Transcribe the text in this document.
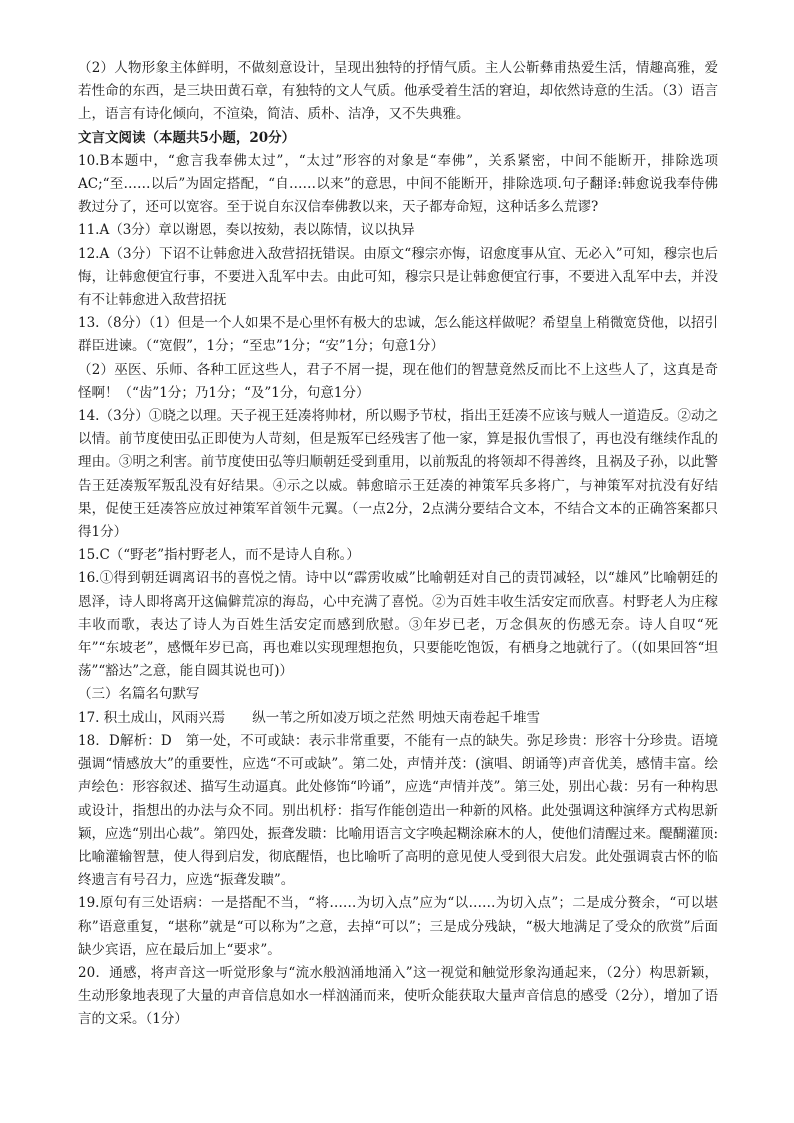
（2）人物形象主体鲜明，不做刻意设计，呈现出独特的抒情气质。主人公靳彝甫热爱生活，情趣高雅，爱若性命的东西，是三块田黄石章，有独特的文人气质。他承受着生活的窘迫，却依然诗意的生活。（3）语言上，语言有诗化倾向，不渲染，简洁、质朴、洁净，又不失典雅。

文言文阅读（本题共5小题，20分）

10.B本题中，“愈言我奉佛太过”，“太过”形容的对象是“奉佛”，关系紧密，中间不能断开，排除选项AC;“至……以后”为固定搭配，“自……以来”的意思，中间不能断开，排除选项.句子翻译:韩愈说我奉侍佛教过分了，还可以宽容。至于说自东汉信奉佛教以来，天子都寿命短，这种话多么荒谬?

11.A（3分）章以谢恩，奏以按劾，表以陈情，议以执异

12.A（3分）下诏不让韩愈进入敌营招抚错误。由原文“穆宗亦悔，诏愈度事从宜、无必入”可知，穆宗也后悔，让韩愈便宜行事，不要进入乱军中去。由此可知，穆宗只是让韩愈便宜行事，不要进入乱军中去，并没有不让韩愈进入敌营招抚

13.（8分）（1）但是一个人如果不是心里怀有极大的忠诚，怎么能这样做呢？希望皇上稍微宽贷他，以招引群臣进谏。（“宽假”，1分；“至忠”1分；“安”1分；句意1分）

（2）巫医、乐师、各种工匠这些人，君子不屑一提，现在他们的智慧竟然反而比不上这些人了，这真是奇怪啊！（“齿”1分；乃1分；“及”1分，句意1分）

14.（3分）①晓之以理。天子视王廷凑将帅材，所以赐予节杖，指出王廷凑不应该与贼人一道造反。②动之以情。前节度使田弘正即使为人苛刻，但是叛军已经残害了他一家，算是报仇雪恨了，再也没有继续作乱的理由。③明之利害。前节度使田弘等归顺朝廷受到重用，以前叛乱的将领却不得善终，且祸及子孙，以此警告王廷凑叛军叛乱没有好结果。④示之以威。韩愈暗示王廷凑的神策军兵多将广，与神策军对抗没有好结果，促使王廷凑答应放过神策军首领牛元翼。（一点2分，2点满分要结合文本，不结合文本的正确答案都只得1分）

15.C（“野老”指村野老人，而不是诗人自称。）

16.①得到朝廷调离诏书的喜悦之情。诗中以“霹雳收威”比喻朝廷对自己的责罚减轻，以“雄风”比喻朝廷的恩泽，诗人即将离开这偏僻荒凉的海岛，心中充满了喜悦。②为百姓丰收生活安定而欣喜。村野老人为庄稼丰收而歌，表达了诗人为百姓生活安定而感到欣慰。③年岁已老，万念俱灰的伤感无奈。诗人自叹“死年”“东坡老”，感慨年岁已高，再也难以实现理想抱负，只要能吃饱饭，有栖身之地就行了。（(如果回答“坦荡”“豁达”之意，能自圆其说也可)）

（三）名篇名句默写

17. 积土成山，风雨兴焉　　纵一苇之所如凌万顷之茫然 明烛天南卷起千堆雪

18．D解析：D　第一处，不可或缺：表示非常重要，不能有一点的缺失。弥足珍贵：形容十分珍贵。语境强调“情感放大”的重要性，应选“不可或缺”。第二处，声情并茂：(演唱、朗诵等)声音优美，感情丰富。绘声绘色：形容叙述、描写生动逼真。此处修饰“吟诵”，应选“声情并茂”。第三处，别出心裁：另有一种构思或设计，指想出的办法与众不同。别出机杼：指写作能创造出一种新的风格。此处强调这种演绎方式构思新颖，应选“别出心裁”。第四处，振聋发聩：比喻用语言文字唤起糊涂麻木的人，使他们清醒过来。醍醐灌顶:比喻灌输智慧，使人得到启发，彻底醒悟，也比喻听了高明的意见使人受到很大启发。此处强调袁古怀的临终遗言有号召力，应选“振聋发聩”。

19.原句有三处语病：一是搭配不当，“将……为切入点”应为“以……为切入点”；二是成分赘余，“可以堪称”语意重复，“堪称”就是“可以称为”之意，去掉“可以”；三是成分残缺，“极大地满足了受众的欣赏”后面缺少宾语，应在最后加上“要求”。

20．通感，将声音这一听觉形象与“流水般汹涌地涌入”这一视觉和触觉形象沟通起来，（2分）构思新颖，生动形象地表现了大量的声音信息如水一样汹涌而来，使听众能获取大量声音信息的感受（2分），增加了语言的文采。（1分）
